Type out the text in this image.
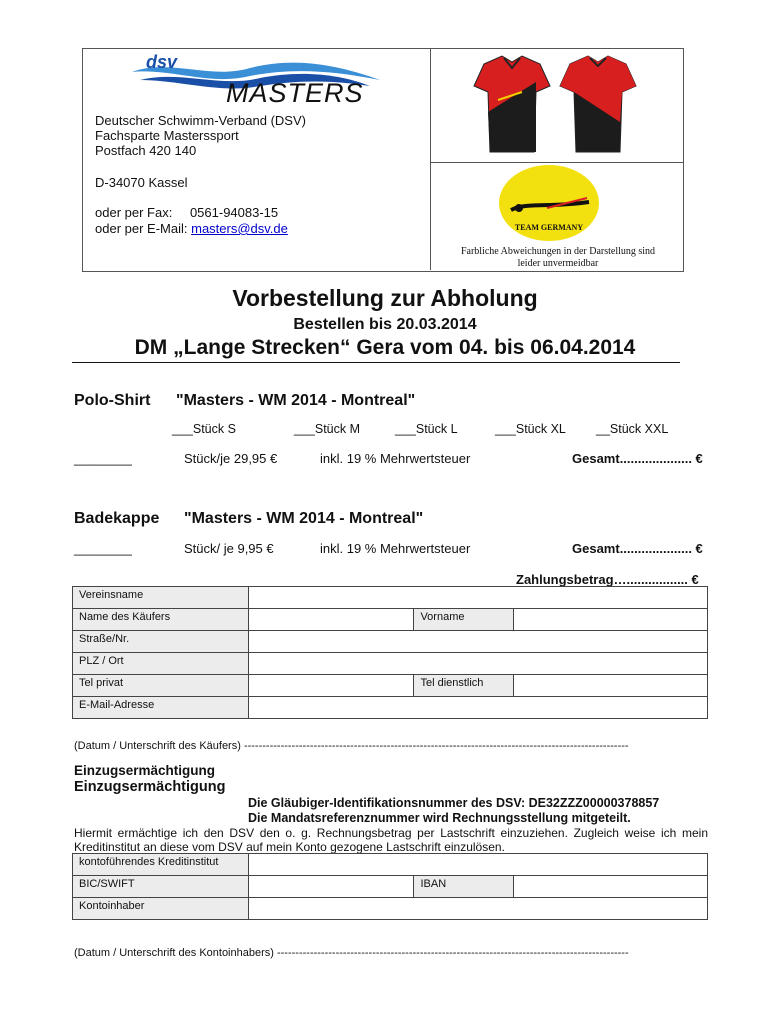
dsv
MASTERS
Deutscher Schwimm-Verband (DSV)
Fachsparte Masterssport
Postfach 420 140
D-34070 Kassel
oder per Fax: 0561-94083-15
oder per E-Mail: masters@dsv.de	TEAM GERMANY
Farbliche Abweichungen in der Darstellung sind
leider unvermeidbar
Vorbestellung zur Abholung
Bestellen bis 20.03.2014
DM „Lange Strecken“ Gera vom 04. bis 06.04.2014
Polo-Shirt "Masters - WM 2014 - Montreal"
___Stück S	___Stück M	___Stück L	___Stück XL __Stück XXL
________	Stück/je 29,95 €	inkl. 19 % Mehrwertsteuer	Gesamt.................... €
Badekappe "Masters - WM 2014 - Montreal"
________	Stück/ je 9,95 €	inkl. 19 % Mehrwertsteuer	Gesamt.................... €
Zahlungsbetrag…................. €
Vereinsname			
Name des Käufers		Vorname	
Straße/Nr.			
PLZ / Ort			
Tel privat		Tel dienstlich	
E-Mail-Adresse			
(Datum / Unterschrift des Käufers) ---------------------------------------------------------------------------------------------------------
Einzugsermächtigung
Einzugsermächtigung
Die Gläubiger-Identifikationsnummer des DSV: DE32ZZZ00000378857
Die Mandatsreferenznummer wird Rechnungsstellung mitgeteilt.
Hiermit ermächtige ich den DSV den o. g. Rechnungsbetrag per Lastschrift einzuziehen. Zugleich weise ich mein Kreditinstitut an diese vom DSV auf mein Konto gezogene Lastschrift einzulösen.
kontoführendes Kreditinstitut			
BIC/SWIFT		IBAN	
Kontoinhaber			
(Datum / Unterschrift des Kontoinhabers) ------------------------------------------------------------------------------------------------
